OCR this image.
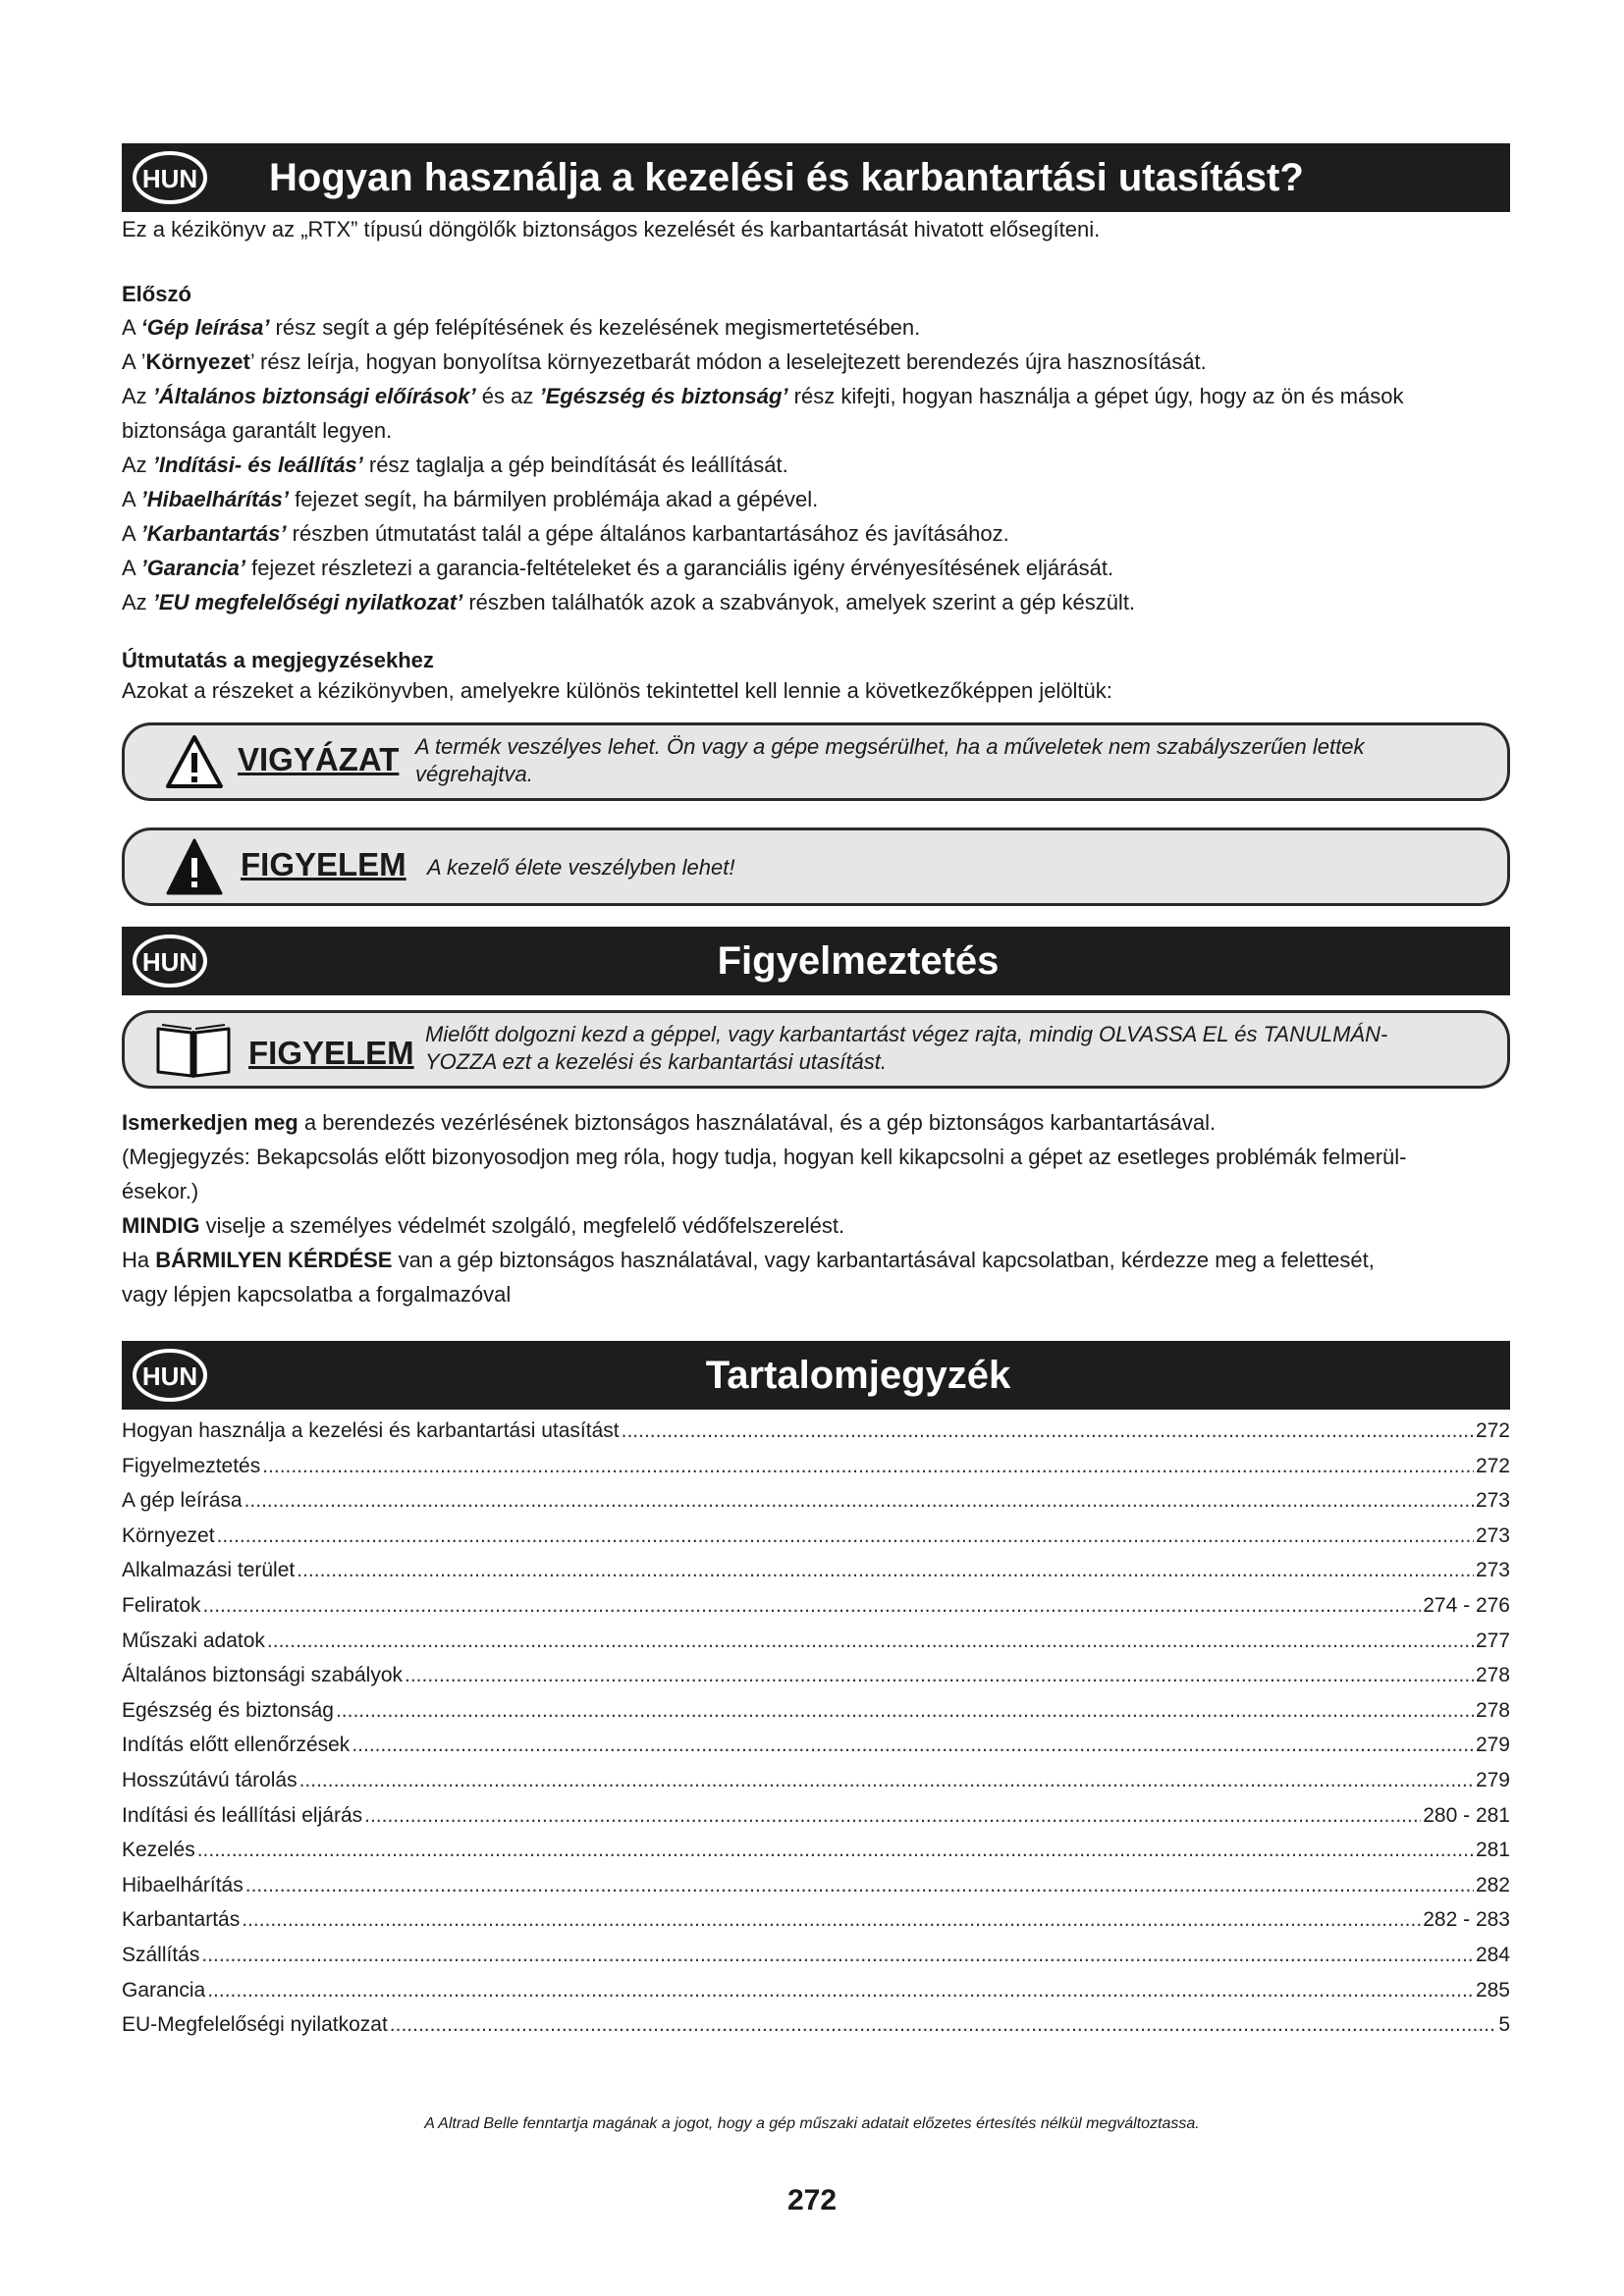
HUN Hogyan használja a kezelési és karbantartási utasítást?
Ez a kézikönyv az „RTX” típusú döngölők biztonságos kezelését és karbantartását hivatott elősegíteni.
Előszó
A ‘Gép leírása’ rész segít a gép felépítésének és kezelésének megismertetésében.
A ’Környezet’ rész leírja, hogyan bonyolítsa környezetbarát módon a leselejtezett berendezés újra hasznosítását.
Az ’Általános biztonsági előírások’ és az ’Egészség és biztonság’ rész kifejti, hogyan használja a gépet úgy, hogy az ön és mások
biztonsága garantált legyen.
Az ’Indítási- és leállítás’ rész taglalja a gép beindítását és leállítását.
A ’Hibaelhárítás’ fejezet segít, ha bármilyen problémája akad a gépével.
A ’Karbantartás’ részben útmutatást talál a gépe általános karbantartásához és javításához.
A ’Garancia’ fejezet részletezi a garancia-feltételeket és a garanciális igény érvényesítésének eljárását.
Az ’EU megfelelőségi nyilatkozat’ részben találhatók azok a szabványok, amelyek szerint a gép készült.
Útmutatás a megjegyzésekhez
Azokat a részeket a kézikönyvben, amelyekre különös tekintettel kell lennie a következőképpen jelöltük:
VIGYÁZAT A termék veszélyes lehet. Ön vagy a gépe megsérülhet, ha a műveletek nem szabályszerűen lettek
végrehajtva.
FIGYELEM A kezelő élete veszélyben lehet!
HUN	Figyelmeztetés
FIGYELEM
Mielőtt dolgozni kezd a géppel, vagy karbantartást végez rajta, mindig OLVASSA EL és TANULMÁN-
YOZZA ezt a kezelési és karbantartási utasítást.
Ismerkedjen meg a berendezés vezérlésének biztonságos használatával, és a gép biztonságos karbantartásával.
(Megjegyzés: Bekapcsolás előtt bizonyosodjon meg róla, hogy tudja, hogyan kell kikapcsolni a gépet az esetleges problémák felmerül-
ésekor.)
MINDIG viselje a személyes védelmét szolgáló, megfelelő védőfelszerelést.
Ha BÁRMILYEN KÉRDÉSE van a gép biztonságos használatával, vagy karbantartásával kapcsolatban, kérdezze meg a felettesét,
vagy lépjen kapcsolatba a forgalmazóval
HUN	Tartalomjegyzék
Hogyan használja a kezelési és karbantartási utasítást .....	272
Figyelmeztetés .....	272
A gép leírása .....	273
Környezet .....	273
Alkalmazási terület .....	273
Feliratok .....	274 - 276
Műszaki adatok .....	277
Általános biztonsági szabályok .....	278
Egészség és biztonság .....	278
Indítás előtt ellenőrzések .....	279
Hosszútávú tárolás .....	279
Indítási és leállítási eljárás .....	280 - 281
Kezelés .....	281
Hibaelhárítás .....	282
Karbantartás .....	282 - 283
Szállítás .....	284
Garancia .....	285
EU-Megfelelőségi nyilatkozat .....	5
A Altrad Belle fenntartja magának a jogot, hogy a gép műszaki adatait előzetes értesítés nélkül megváltoztassa.
272
